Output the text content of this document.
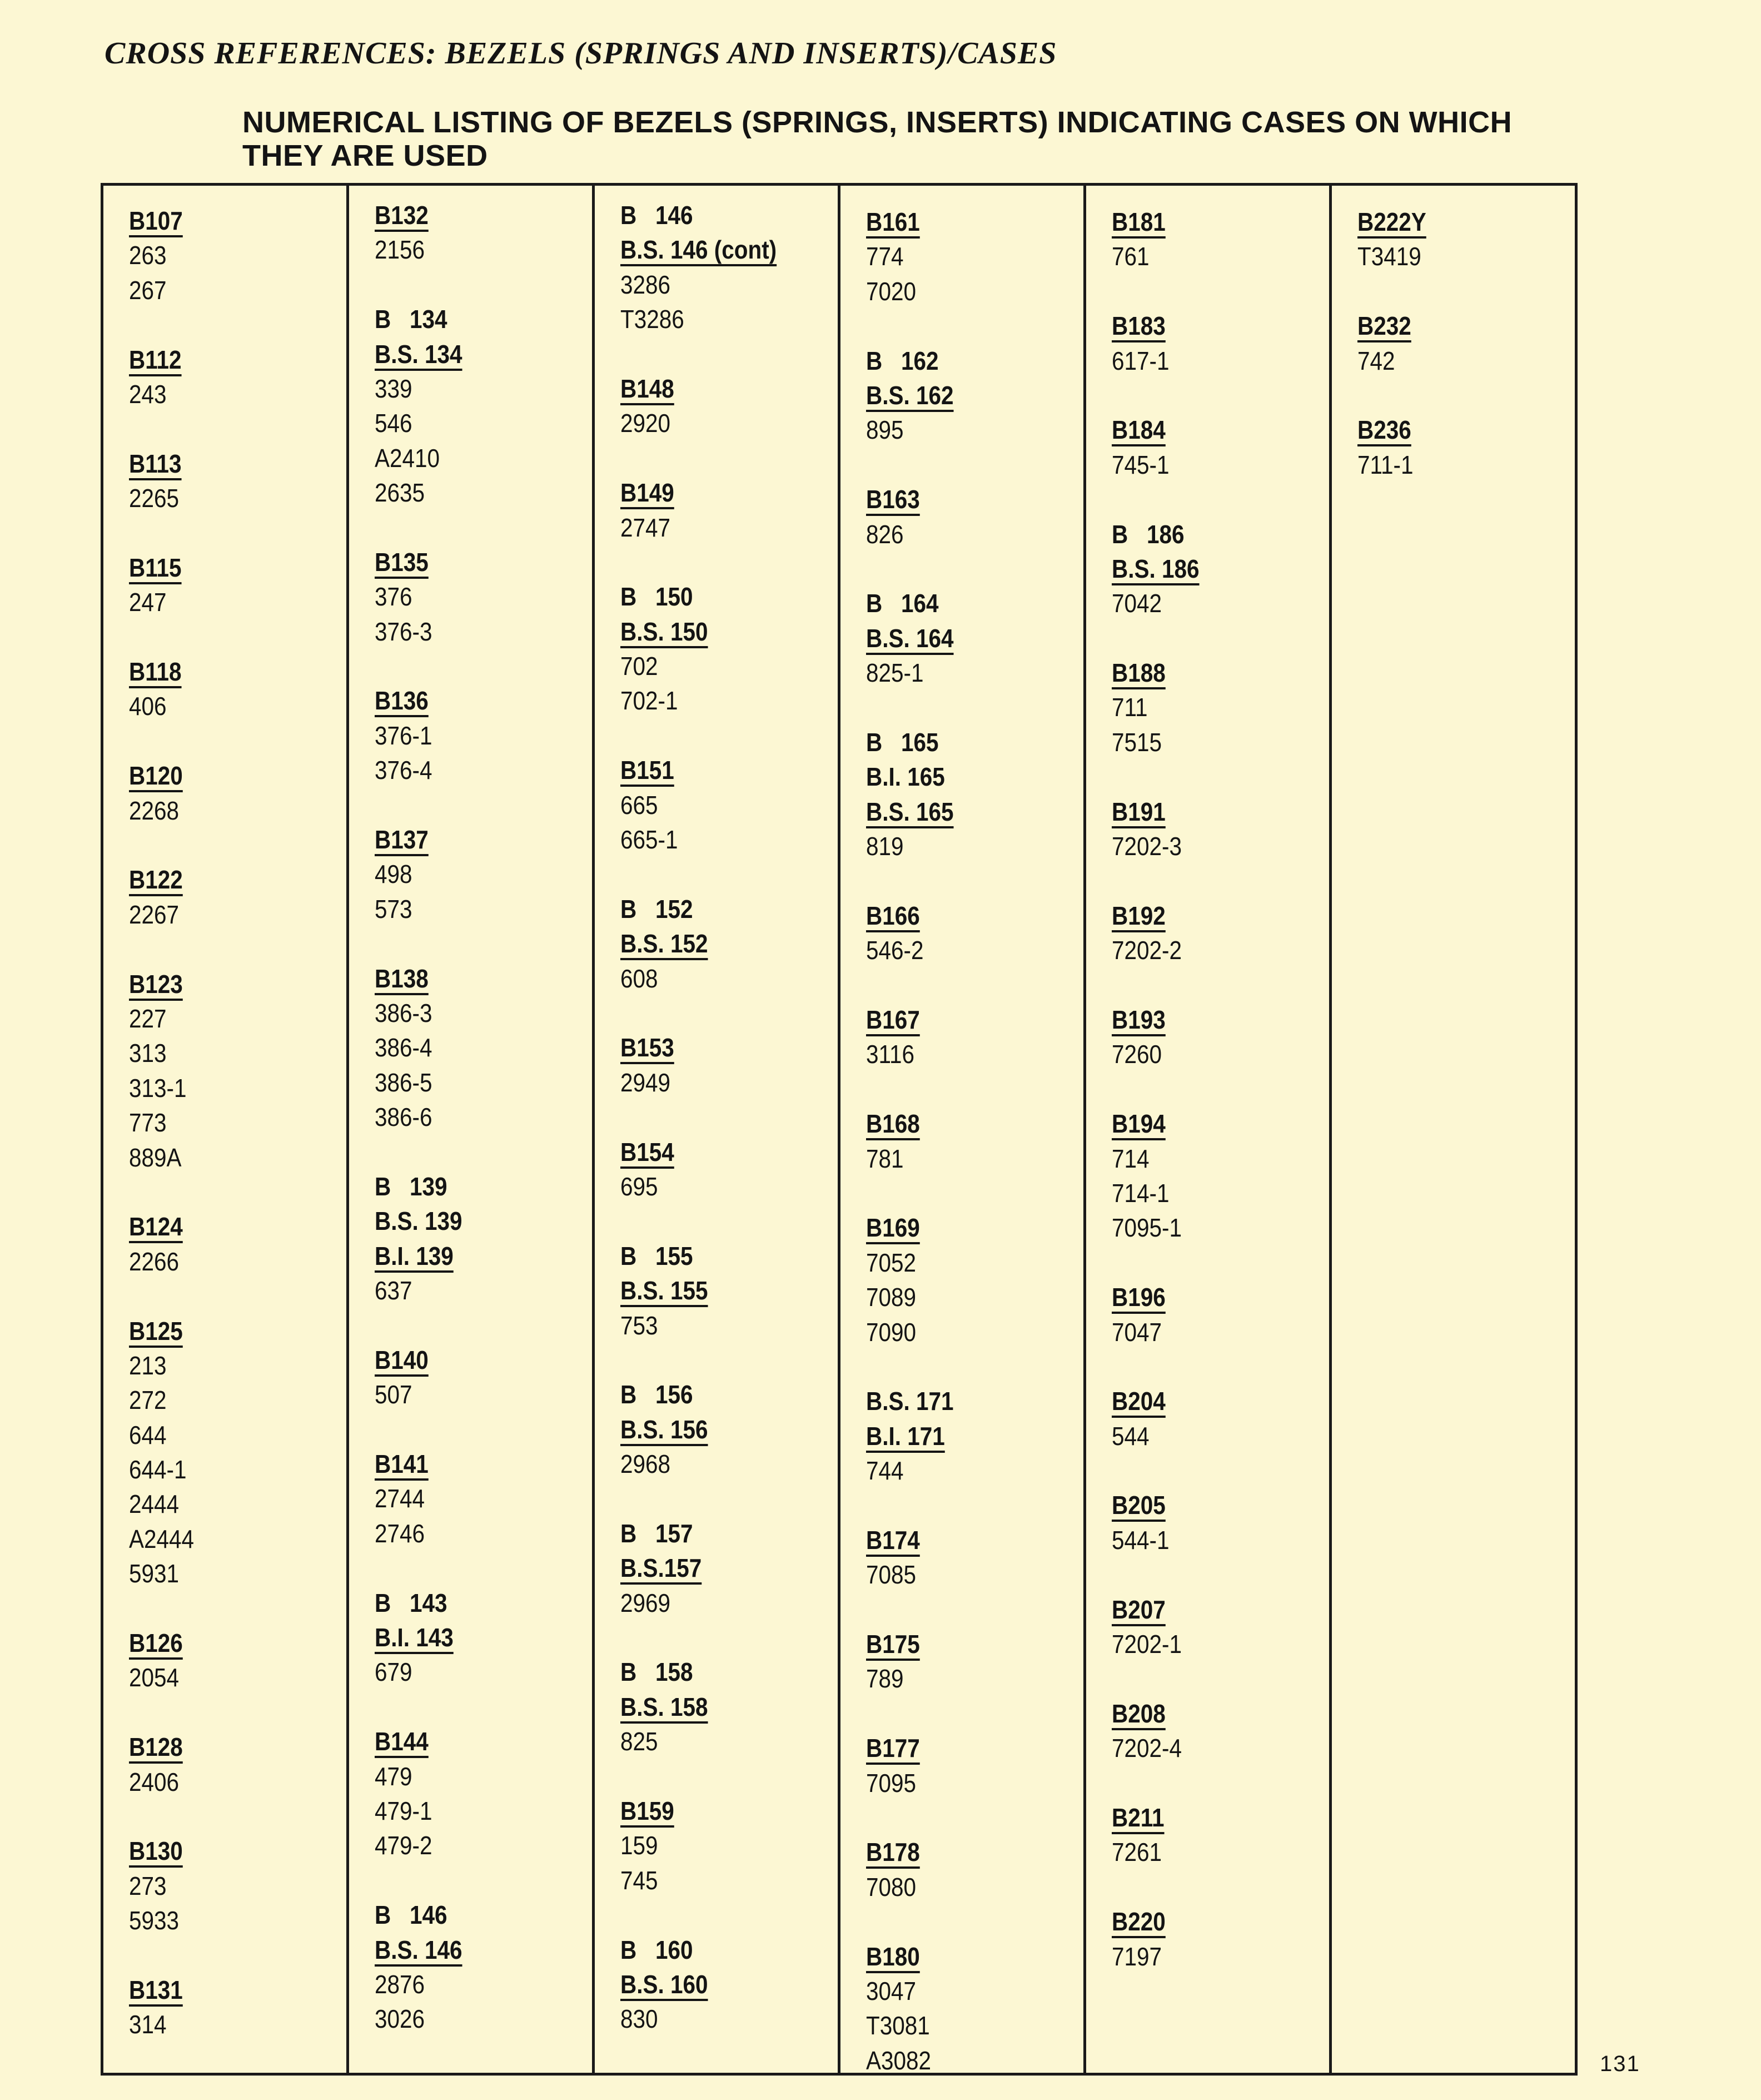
CROSS REFERENCES: BEZELS (SPRINGS AND INSERTS)/CASES
NUMERICAL LISTING OF BEZELS (SPRINGS, INSERTS) INDICATING CASES ON WHICH THEY ARE USED
B107
263
267
B112
243
B113
2265
B115
247
B118
406
B120
2268
B122
2267
B123
227
313
313-1
773
889A
B124
2266
B125
213
272
644
644-1
2444
A2444
5931
B126
2054
B128
2406
B130
273
5933
B131
314
B132
2156
B   134
B.S. 134
339
546
A2410
2635
B135
376
376-3
B136
376-1
376-4
B137
498
573
B138
386-3
386-4
386-5
386-6
B   139
B.S. 139
B.I. 139
637
B140
507
B141
2744
2746
B   143
B.I. 143
679
B144
479
479-1
479-2
B   146
B.S. 146
2876
3026
B   146
B.S. 146 (cont)
3286
T3286
B148
2920
B149
2747
B   150
B.S. 150
702
702-1
B151
665
665-1
B   152
B.S. 152
608
B153
2949
B154
695
B   155
B.S. 155
753
B   156
B.S. 156
2968
B   157
B.S.157
2969
B   158
B.S. 158
825
B159
159
745
B   160
B.S. 160
830
B161
774
7020
B   162
B.S. 162
895
B163
826
B   164
B.S. 164
825-1
B   165
B.I. 165
B.S. 165
819
B166
546-2
B167
3116
B168
781
B169
7052
7089
7090
B.S. 171
B.I. 171
744
B174
7085
B175
789
B177
7095
B178
7080
B180
3047
T3081
A3082
B181
761
B183
617-1
B184
745-1
B   186
B.S. 186
7042
B188
711
7515
B191
7202-3
B192
7202-2
B193
7260
B194
714
714-1
7095-1
B196
7047
B204
544
B205
544-1
B207
7202-1
B208
7202-4
B211
7261
B220
7197
B222Y
T3419
B232
742
B236
711-1
131
